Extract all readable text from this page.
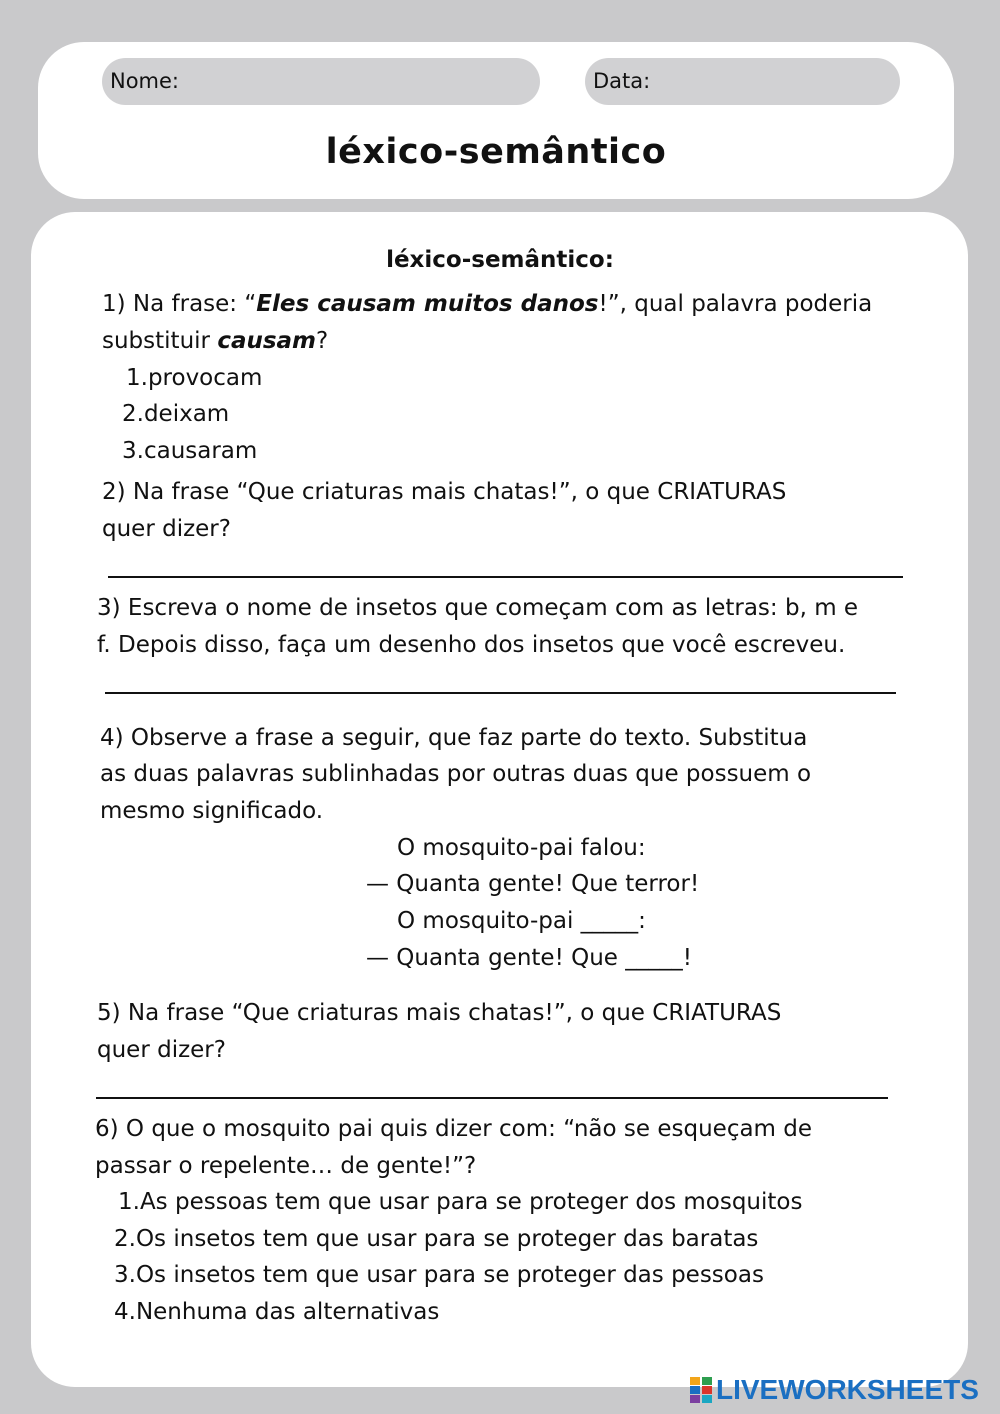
Nome:	Data:
léxico-semântico
léxico-semântico:
1) Na frase: “Eles causam muitos danos!”, qual palavra poderia
substituir causam?
1.provocam
2.deixam
3.causaram
2) Na frase “Que criaturas mais chatas!”, o que CRIATURAS
quer dizer?
3) Escreva o nome de insetos que começam com as letras: b, m e
f. Depois disso, faça um desenho dos insetos que você escreveu.
4) Observe a frase a seguir, que faz parte do texto. Substitua
as duas palavras sublinhadas por outras duas que possuem o
mesmo significado.
O mosquito-pai falou:
— Quanta gente! Que terror!
O mosquito-pai _____:
— Quanta gente! Que _____!
5) Na frase “Que criaturas mais chatas!”, o que CRIATURAS
quer dizer?
6) O que o mosquito pai quis dizer com: “não se esqueçam de
passar o repelente… de gente!”?
1.As pessoas tem que usar para se proteger dos mosquitos
2.Os insetos tem que usar para se proteger das baratas
3.Os insetos tem que usar para se proteger das pessoas
4.Nenhuma das alternativas
LIVEWORKSHEETS
